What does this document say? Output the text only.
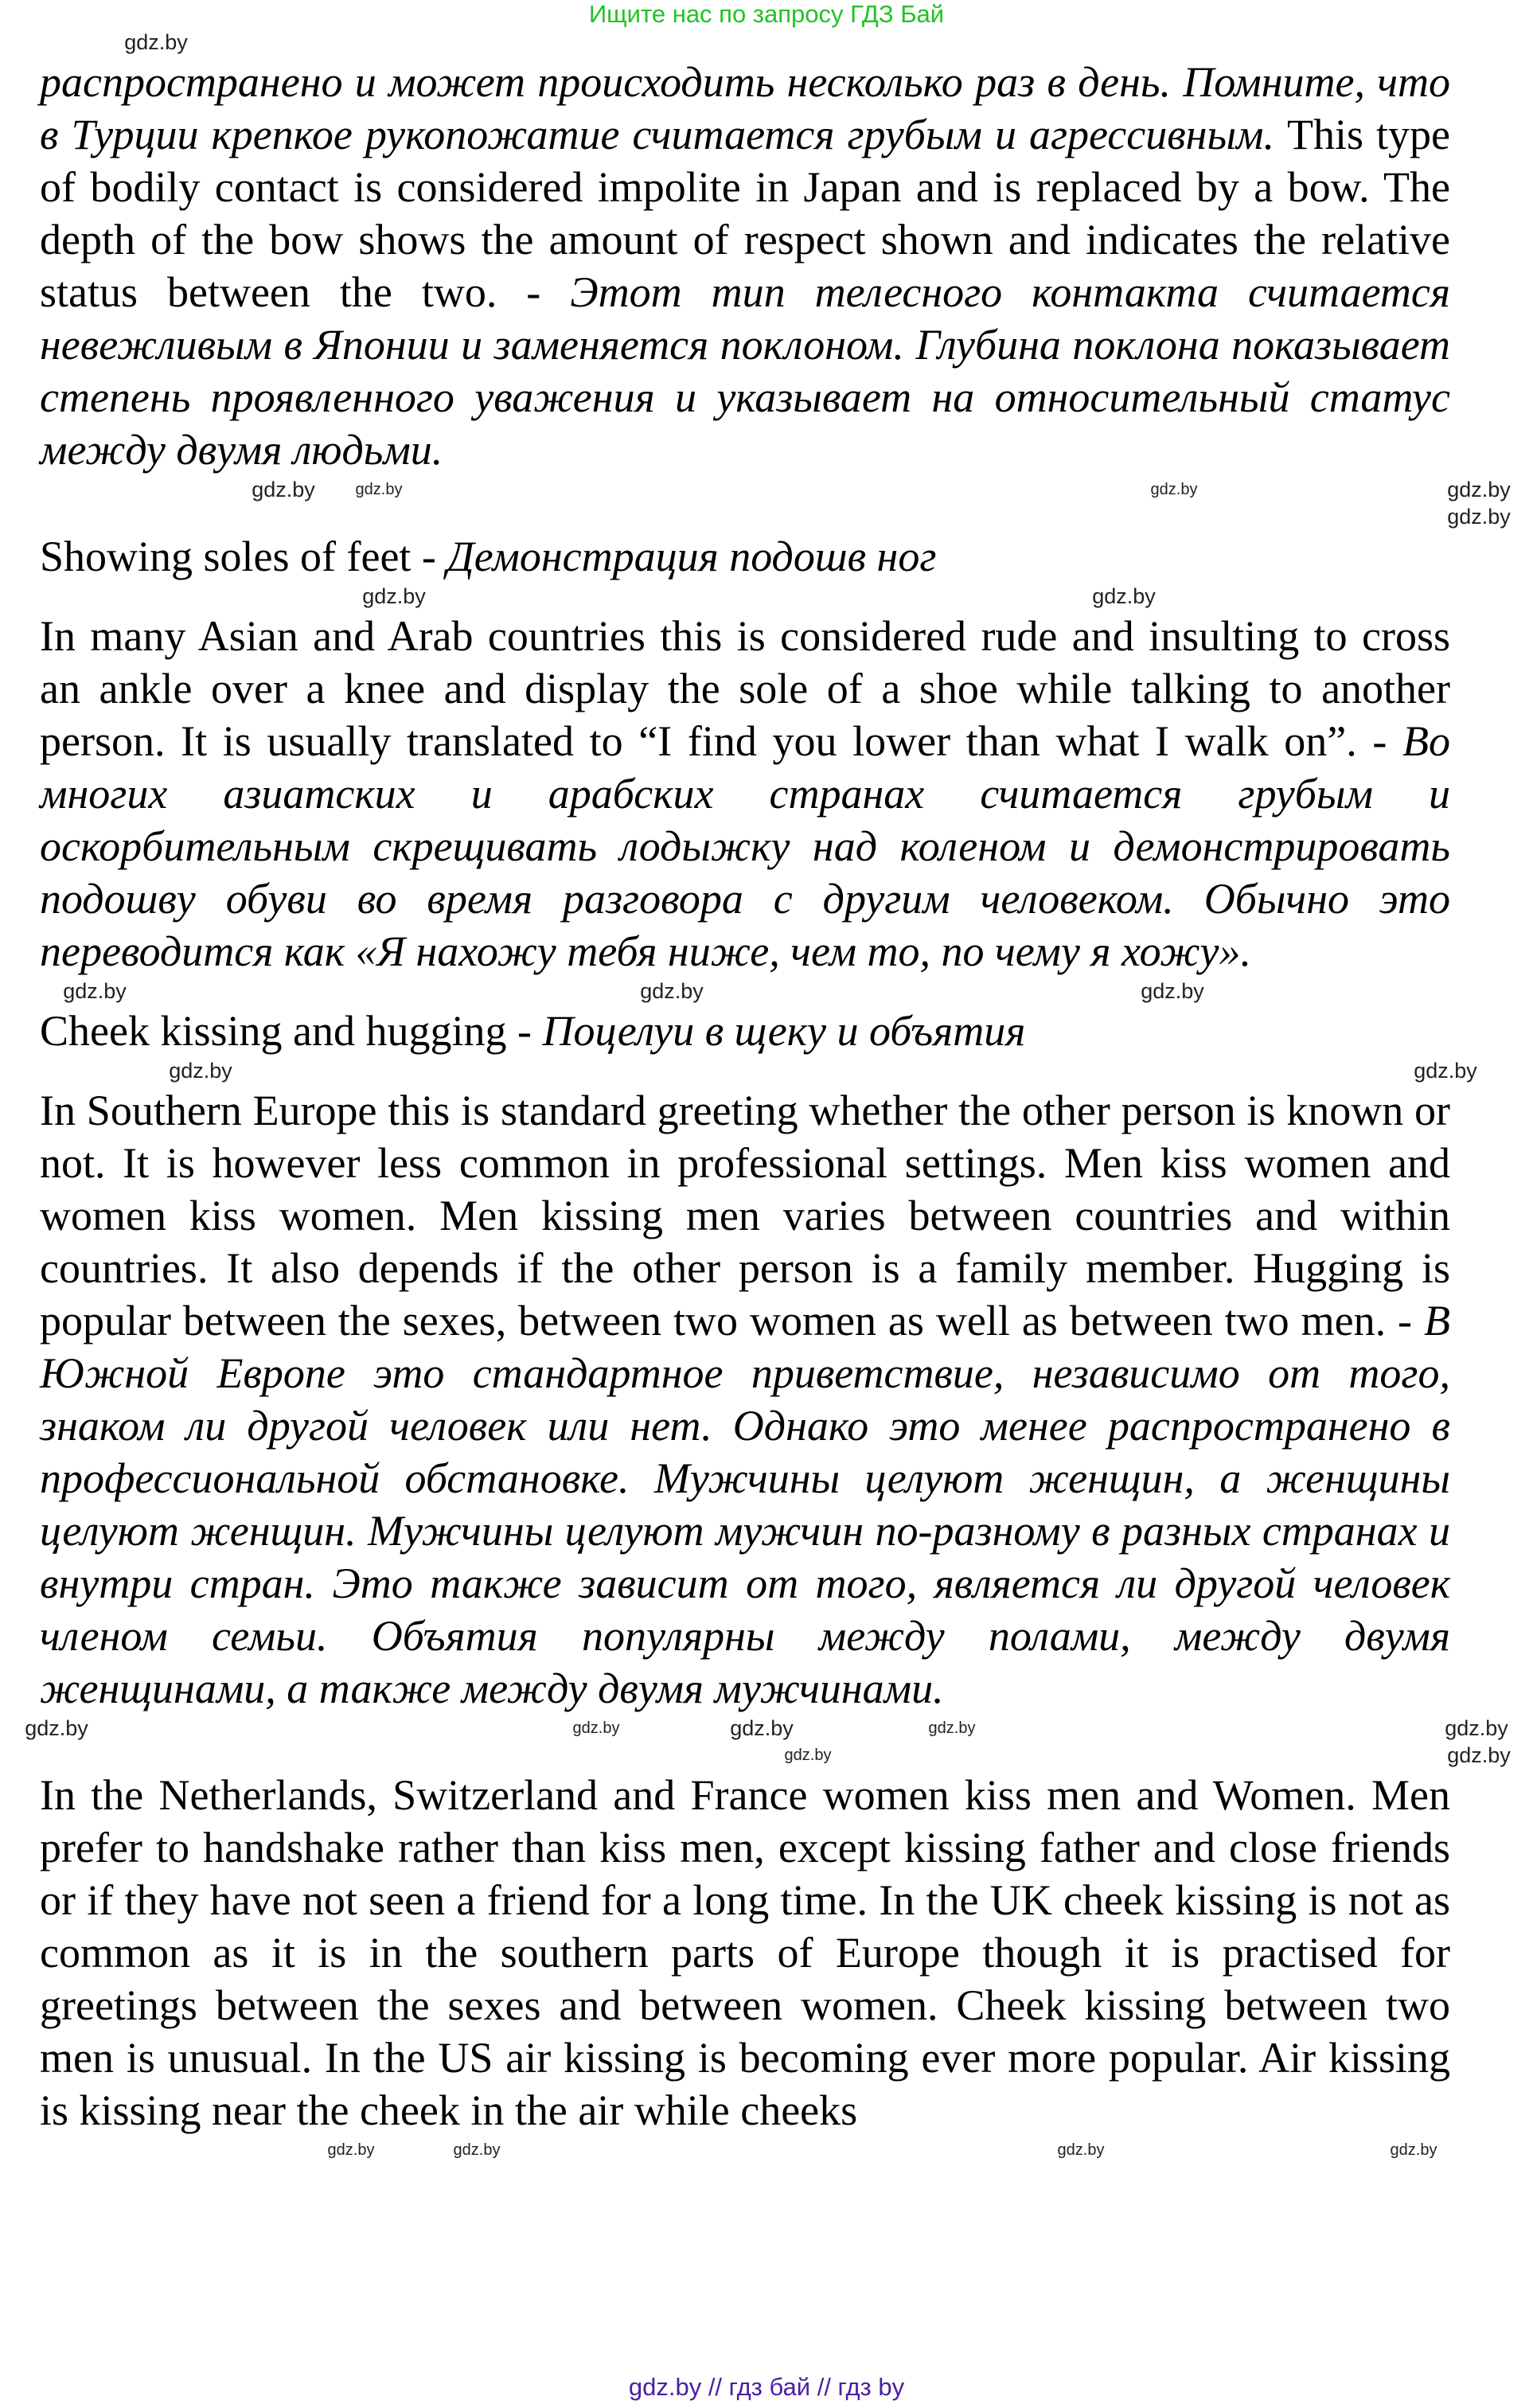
Ищите нас по запросу ГДЗ Бай
gdz.by
распространено и может происходить несколько раз в день. Помните, что в Турции крепкое рукопожатие считается грубым и агрессивным. This type of bodily contact is considered impolite in Japan and is replaced by a bow. The depth of the bow shows the amount of respect shown and indicates the relative status between the two. - Этот тип телесного контакта считается невежливым в Японии и заменяется поклоном. Глубина поклона показывает степень проявленного уважения и указывает на относительный статус между двумя людьми.
gdz.by	gdz.by	gdz.by	gdz.by
gdz.by
Showing soles of feet - Демонстрация подошв ног
gdz.by	gdz.by
In many Asian and Arab countries this is considered rude and insulting to cross an ankle over a knee and display the sole of a shoe while talking to another person. It is usually translated to “I find you lower than what I walk on”. - Во многих азиатских и арабских странах считается грубым и оскорбительным скрещивать лодыжку над коленом и демонстрировать подошву обуви во время разговора с другим человеком. Обычно это переводится как «Я нахожу тебя ниже, чем то, по чему я хожу».
gdz.by	gdz.by	gdz.by
Cheek kissing and hugging - Поцелуи в щеку и объятия
gdz.by	gdz.by
In Southern Europe this is standard greeting whether the other person is known or not. It is however less common in professional settings. Men kiss women and women kiss women. Men kissing men varies between countries and within countries. It also depends if the other person is a family member. Hugging is popular between the sexes, between two women as well as between two men. - В Южной Европе это стандартное приветствие, независимо от того, знаком ли другой человек или нет. Однако это менее распространено в профессиональной обстановке. Мужчины целуют женщин, а женщины целуют женщин. Мужчины целуют мужчин по-разному в разных странах и внутри стран. Это также зависит от того, является ли другой человек членом семьи. Объятия популярны между полами, между двумя женщинами, а также между двумя мужчинами.
gdz.by	gdz.by	gdz.by	gdz.by	gdz.by
gdz.by	gdz.by
In the Netherlands, Switzerland and France women kiss men and Women. Men prefer to handshake rather than kiss men, except kissing father and close friends or if they have not seen a friend for a long time. In the UK cheek kissing is not as common as it is in the southern parts of Europe though it is practised for greetings between the sexes and between women. Cheek kissing between two men is unusual. In the US air kissing is becoming ever more popular. Air kissing is kissing near the cheek in the air while cheeks
gdz.by	gdz.by	gdz.by	gdz.by
gdz.by // гдз бай // гдз by
